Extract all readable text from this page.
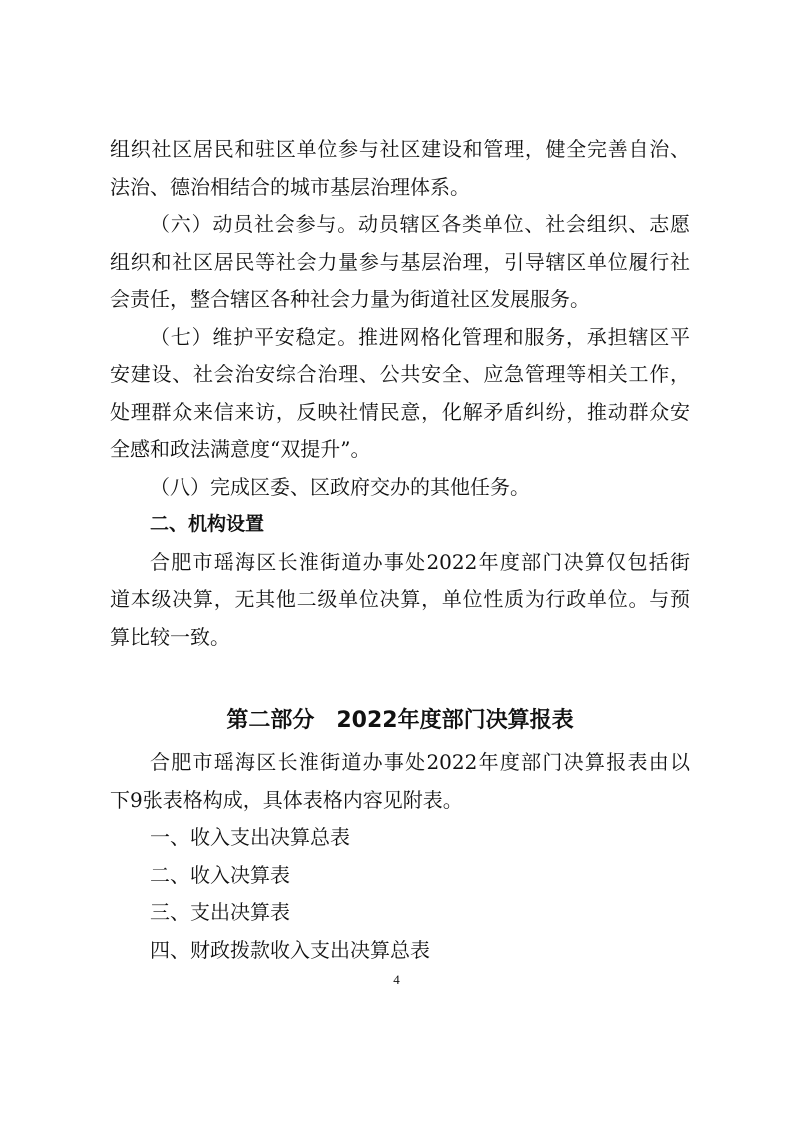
组织社区居民和驻区单位参与社区建设和管理，健全完善自治、
法治、德治相结合的城市基层治理体系。
（六）动员社会参与。动员辖区各类单位、社会组织、志愿
组织和社区居民等社会力量参与基层治理，引导辖区单位履行社
会责任，整合辖区各种社会力量为街道社区发展服务。
（七）维护平安稳定。推进网格化管理和服务，承担辖区平
安建设、社会治安综合治理、公共安全、应急管理等相关工作，
处理群众来信来访，反映社情民意，化解矛盾纠纷，推动群众安
全感和政法满意度“双提升”。
（八）完成区委、区政府交办的其他任务。
二、机构设置
合肥市瑶海区长淮街道办事处2022年度部门决算仅包括街
道本级决算，无其他二级单位决算，单位性质为行政单位。与预
算比较一致。
第二部分　2022年度部门决算报表
合肥市瑶海区长淮街道办事处2022年度部门决算报表由以
下9张表格构成，具体表格内容见附表。
一、收入支出决算总表
二、收入决算表
三、支出决算表
四、财政拨款收入支出决算总表
4
